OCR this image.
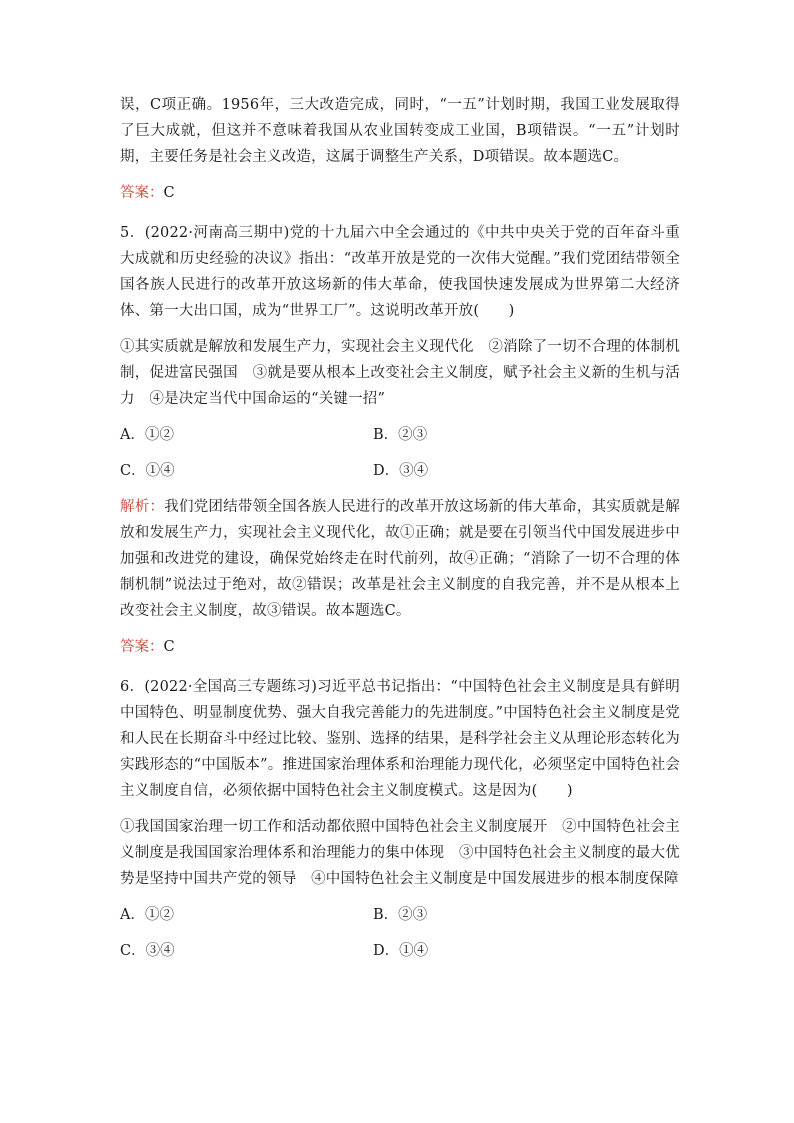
误，C项正确。1956年，三大改造完成，同时，“一五”计划时期，我国工业发展取得了巨大成就，但这并不意味着我国从农业国转变成工业国，B项错误。“一五”计划时期，主要任务是社会主义改造，这属于调整生产关系，D项错误。故本题选C。

答案：C

5．(2022·河南高三期中)党的十九届六中全会通过的《中共中央关于党的百年奋斗重大成就和历史经验的决议》指出：“改革开放是党的一次伟大觉醒。”我们党团结带领全国各族人民进行的改革开放这场新的伟大革命，使我国快速发展成为世界第二大经济体、第一大出口国，成为“世界工厂”。这说明改革开放(　　)

①其实质就是解放和发展生产力，实现社会主义现代化　②消除了一切不合理的体制机制，促进富民强国　③就是要从根本上改变社会主义制度，赋予社会主义新的生机与活力　④是决定当代中国命运的“关键一招”

A．①②	B．②③
C．①④	D．③④

解析：我们党团结带领全国各族人民进行的改革开放这场新的伟大革命，其实质就是解放和发展生产力，实现社会主义现代化，故①正确；就是要在引领当代中国发展进步中加强和改进党的建设，确保党始终走在时代前列，故④正确；“消除了一切不合理的体制机制”说法过于绝对，故②错误；改革是社会主义制度的自我完善，并不是从根本上改变社会主义制度，故③错误。故本题选C。

答案：C

6．(2022·全国高三专题练习)习近平总书记指出：“中国特色社会主义制度是具有鲜明中国特色、明显制度优势、强大自我完善能力的先进制度。”中国特色社会主义制度是党和人民在长期奋斗中经过比较、鉴别、选择的结果，是科学社会主义从理论形态转化为实践形态的“中国版本”。推进国家治理体系和治理能力现代化，必须坚定中国特色社会主义制度自信，必须依据中国特色社会主义制度模式。这是因为(　　)

①我国国家治理一切工作和活动都依照中国特色社会主义制度展开　②中国特色社会主义制度是我国国家治理体系和治理能力的集中体现　③中国特色社会主义制度的最大优势是坚持中国共产党的领导　④中国特色社会主义制度是中国发展进步的根本制度保障

A．①②	B．②③
C．③④	D．①④
